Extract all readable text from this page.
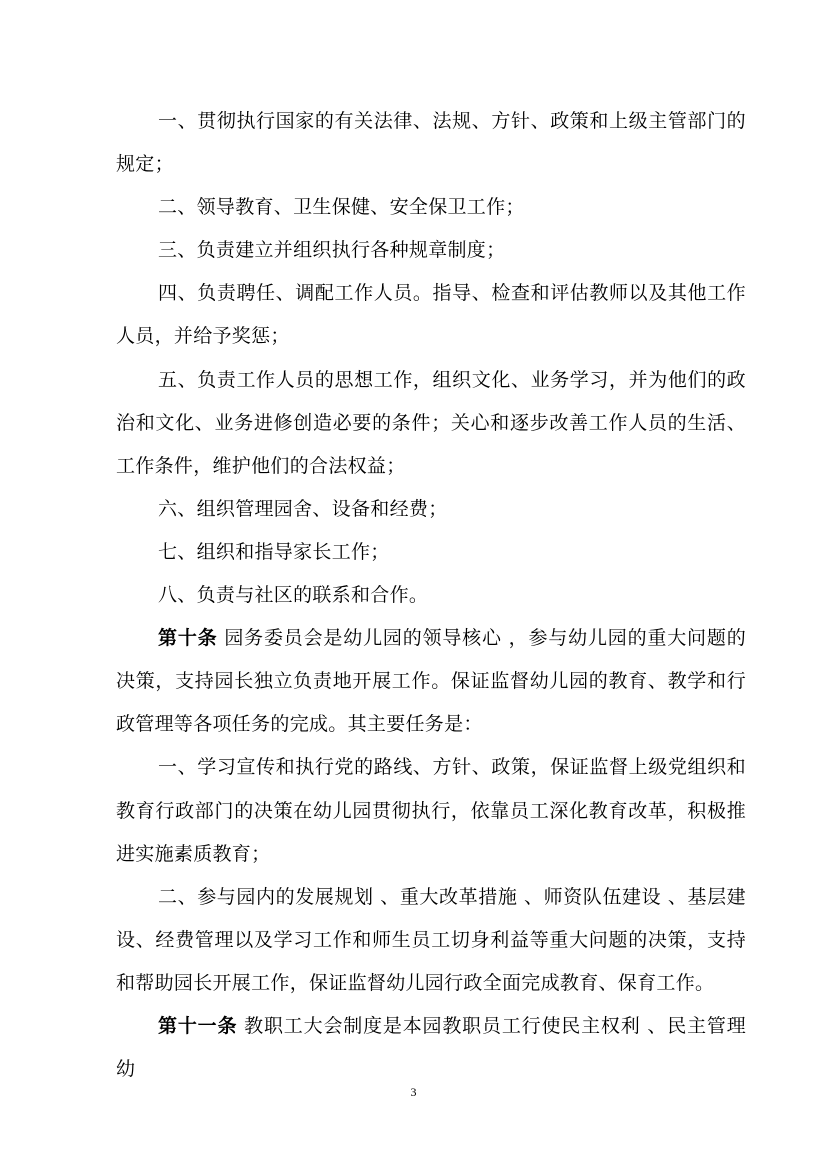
一、贯彻执行国家的有关法律、法规、方针、政策和上级主管部门的规定；

二、领导教育、卫生保健、安全保卫工作；

三、负责建立并组织执行各种规章制度；

四、负责聘任、调配工作人员。指导、检查和评估教师以及其他工作人员，并给予奖惩；

五、负责工作人员的思想工作，组织文化、业务学习，并为他们的政治和文化、业务进修创造必要的条件；关心和逐步改善工作人员的生活、工作条件，维护他们的合法权益；

六、组织管理园舍、设备和经费；

七、组织和指导家长工作；

八、负责与社区的联系和合作。

第十条 园务委员会是幼儿园的领导核心 ，参与幼儿园的重大问题的决策，支持园长独立负责地开展工作。保证监督幼儿园的教育、教学和行政管理等各项任务的完成。其主要任务是：

一、学习宣传和执行党的路线、方针、政策，保证监督上级党组织和教育行政部门的决策在幼儿园贯彻执行，依靠员工深化教育改革，积极推进实施素质教育；

二、参与园内的发展规划 、重大改革措施 、师资队伍建设 、基层建设、经费管理以及学习工作和师生员工切身利益等重大问题的决策，支持和帮助园长开展工作，保证监督幼儿园行政全面完成教育、保育工作。

第十一条 教职工大会制度是本园教职员工行使民主权利 、民主管理幼

3
